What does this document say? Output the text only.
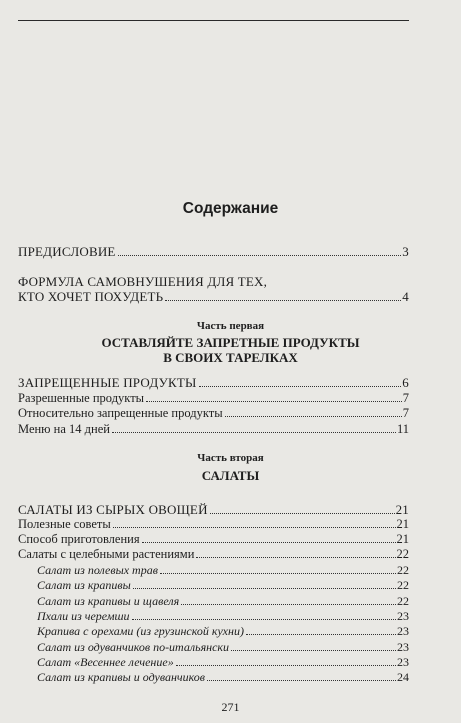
Содержание
ПРЕДИСЛОВИЕ	3
ФОРМУЛА САМОВНУШЕНИЯ ДЛЯ ТЕХ,
КТО ХОЧЕТ ПОХУДЕТЬ	4
Часть первая
ОСТАВЛЯЙТЕ ЗАПРЕТНЫЕ ПРОДУКТЫ
В СВОИХ ТАРЕЛКАХ
ЗАПРЕЩЕННЫЕ ПРОДУКТЫ	6
Разрешенные продукты	7
Относительно запрещенные продукты	7
Меню на 14 дней	11
Часть вторая
САЛАТЫ
САЛАТЫ ИЗ СЫРЫХ ОВОЩЕЙ	21
Полезные советы	21
Способ приготовления	21
Салаты с целебными растениями	22
Салат из полевых трав	22
Салат из крапивы	22
Салат из крапивы и щавеля	22
Пхали из черемши	23
Крапива с орехами (из грузинской кухни)	23
Салат из одуванчиков по-итальянски	23
Салат «Весеннее лечение»	23
Салат из крапивы и одуванчиков	24
271
